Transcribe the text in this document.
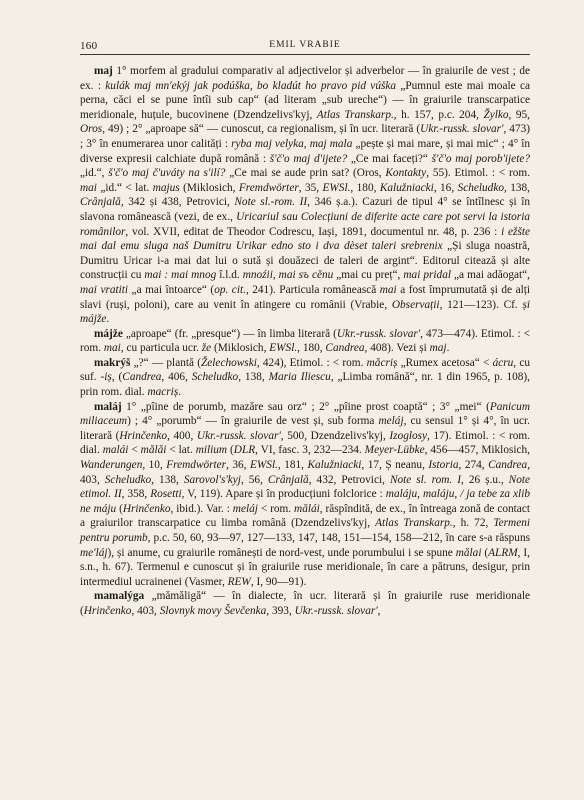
160	EMIL VRABIE

maj 1° morfem al gradului comparativ al adjectivelor și adverbelor — în graiurile de vest ; de ex. : kulák maj mn'ekýj jak podúška, bo kladút ho pravo pid vúška „Pumnul este mai moale ca perna, căci el se pune întîi sub cap“ (ad literam „sub ureche“) — în graiurile transcarpatice meridionale, huțule, bucovinene (Dzendzelivs'kyj, Atlas Transkarp., h. 157, p.c. 204, Žylko, 95, Oros, 49) ; 2° „aproape să“ — cunoscut, ca regionalism, și în ucr. literară (Ukr.-russk. slovar', 473) ; 3° în enumerarea unor calități : ryba maj velyka, maj mala „pește și mai mare, și mai mic“ ; 4° în diverse expresii calchiate după română : š'č'o maj d'ijete? „Ce mai faceți?“ š'č'o maj porob'ijete? „id.“, š'č'o maj č'uváty na s'ilí? „Ce mai se aude prin sat? (Oros, Kontakty, 55). Etimol. : < rom. mai „id.“ < lat. majus (Miklosich, Fremdwörter, 35, EWSl., 180, Kalužniacki, 16, Scheludko, 138, Crânjală, 342 și 438, Petrovici, Note sl.-rom. II, 346 ș.a.). Cazuri de tipul 4° se întîlnesc și în slavona românească (vezi, de ex., Uricariul sau Colecțiuni de diferite acte care pot servi la istoria românilor, vol. XVII, editat de Theodor Codrescu, Iași, 1891, documentul nr. 48, p. 236 : i ežšte mai dal emu sluga naš Dumitru Urikar edno sto i dva dèset taleri srebrenix „Și sluga noastră, Dumitru Uricar i-a mai dat lui o sută și douăzeci de taleri de argint“. Editorul citează și alte construcții cu mai : mai mnog î.l.d. mnoźii, mai sъ cěnu „mai cu preț“, mai pridal „a mai adăogat“, mai vratiti „a mai întoarce“ (op. cit., 241). Particula românească mai a fost împrumutată și de alți slavi (ruși, poloni), care au venit în atingere cu românii (Vrabie, Observații, 121—123). Cf. și májže.

májže „aproape“ (fr. „presque“) — în limba literară (Ukr.-russk. slovar', 473—474). Etimol. : < rom. mai, cu particula ucr. že (Miklosich, EWSl., 180, Candrea, 408). Vezi și maj.

makrýš „?“ — plantă (Želechowski, 424), Etimol. : < rom. măcriș „Rumex acetosa“ < ácru, cu suf. -iș, (Candrea, 406, Scheludko, 138, Maria Iliescu, „Limba română“, nr. 1 din 1965, p. 108), prin rom. dial. macriș.

maláj 1° „pîine de porumb, mazăre sau orz“ ; 2° „pîine prost coaptă“ ; 3° „mei“ (Panicum miliaceum) ; 4° „porumb“ — în graiurile de vest și, sub forma meláj, cu sensul 1° și 4°, în ucr. literară (Hrinčenko, 400, Ukr.-russk. slovar', 500, Dzendzelivs'kyj, Izoglosy, 17). Etimol. : < rom. dial. malái < mălăi < lat. milium (DLR, VI, fasc. 3, 232—234. Meyer-Lübke, 456—457, Miklosich, Wanderungen, 10, Fremdwörter, 36, EWSl., 181, Kalužniacki, 17, Ș neanu, Istoria, 274, Candrea, 403, Scheludko, 138, Sarovol's'kyj, 56, Crânjală, 432, Petrovici, Note sl. rom. I, 26 ș.u., Note etimol. II, 358, Rosetti, V, 119). Apare și în producțiuni folclorice : maláju, maláju, / ja tebe za xlib ne máju (Hrinčenko, ibid.). Var. : meláj < rom. mălái, răspîndită, de ex., în întreaga zonă de contact a graiurilor transcarpatice cu limba română (Dzendzelivs'kyj, Atlas Transkarp., h. 72, Termeni pentru porumb, p.c. 50, 60, 93—97, 127—133, 147, 148, 151—154, 158—212, în care s-a răspuns me'láj), și anume, cu graiurile românești de nord-vest, unde porumbului i se spune mălai (ALRM, I, s.n., h. 67). Termenul e cunoscut și în graiurile ruse meridionale, în care a pătruns, desigur, prin intermediul ucrainenei (Vasmer, REW, I, 90—91).

mamalýga „mămăligă“ — în dialecte, în ucr. literară și în graiurile ruse meridionale (Hrinčenko, 403, Slovnyk movy Ševčenka, 393, Ukr.-russk. slovar',
